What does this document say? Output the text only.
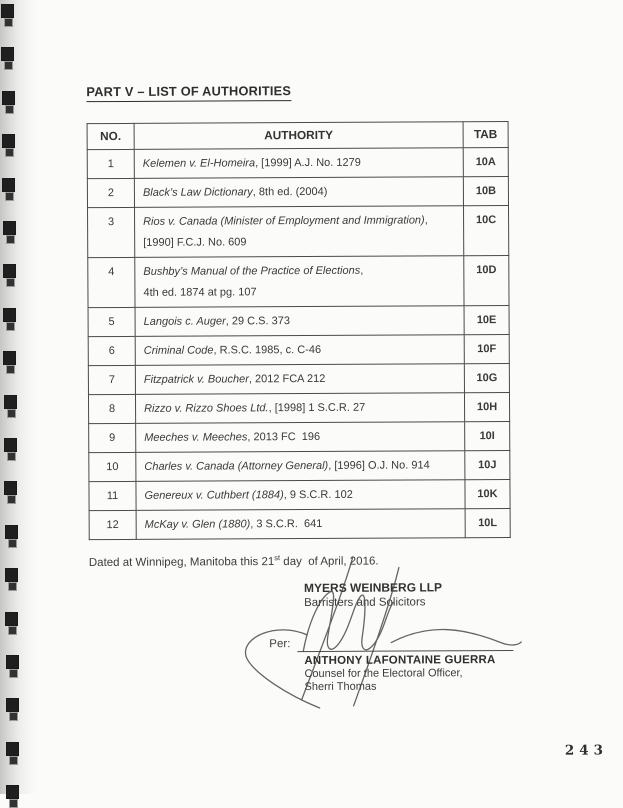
PART V – LIST OF AUTHORITIES
NO.	AUTHORITY	TAB
1	Kelemen v. El-Homeira, [1999] A.J. No. 1279	10A
2	Black’s Law Dictionary, 8th ed. (2004)	10B
3	Rios v. Canada (Minister of Employment and Immigration),
[1990] F.C.J. No. 609	10C
4	Bushby’s Manual of the Practice of Elections,
4th ed. 1874 at pg. 107	10D
5	Langois c. Auger, 29 C.S. 373	10E
6	Criminal Code, R.S.C. 1985, c. C-46	10F
7	Fitzpatrick v. Boucher, 2012 FCA 212	10G
8	Rizzo v. Rizzo Shoes Ltd., [1998] 1 S.C.R. 27	10H
9	Meeches v. Meeches, 2013 FC  196	10I
10	Charles v. Canada (Attorney General), [1996] O.J. No. 914	10J
11	Genereux v. Cuthbert (1884), 9 S.C.R. 102	10K
12	McKay v. Glen (1880), 3 S.C.R.  641	10L

Dated at Winnipeg, Manitoba this 21st day  of April, 2016.

MYERS WEINBERG LLP
Barristers and Solicitors
Per:
ANTHONY LAFONTAINE GUERRA
Counsel for the Electoral Officer,
Sherri Thomas
243
